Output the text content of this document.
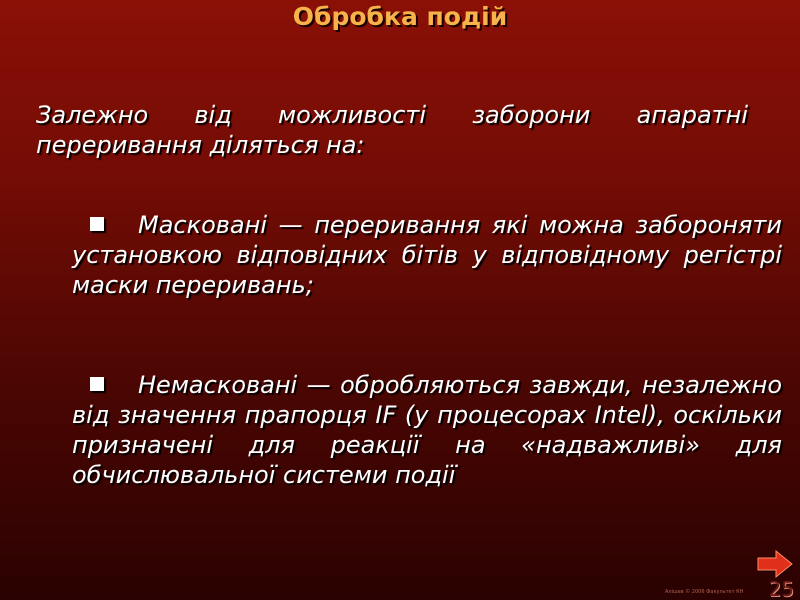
Обробка подій
Залежно від можливості заборони апаратні переривання діляться на:
Масковані — переривання які можна забороняти установкою відповідних бітів у відповідному регістрі маски переривань;
Немасковані — обробляються завжди, незалежно від значення прапорця IF (у процесорах Intel), оскільки призначені для реакції на «надважливі» для обчислювальної системи події
Алішев © 2006 Факультет КН	25
